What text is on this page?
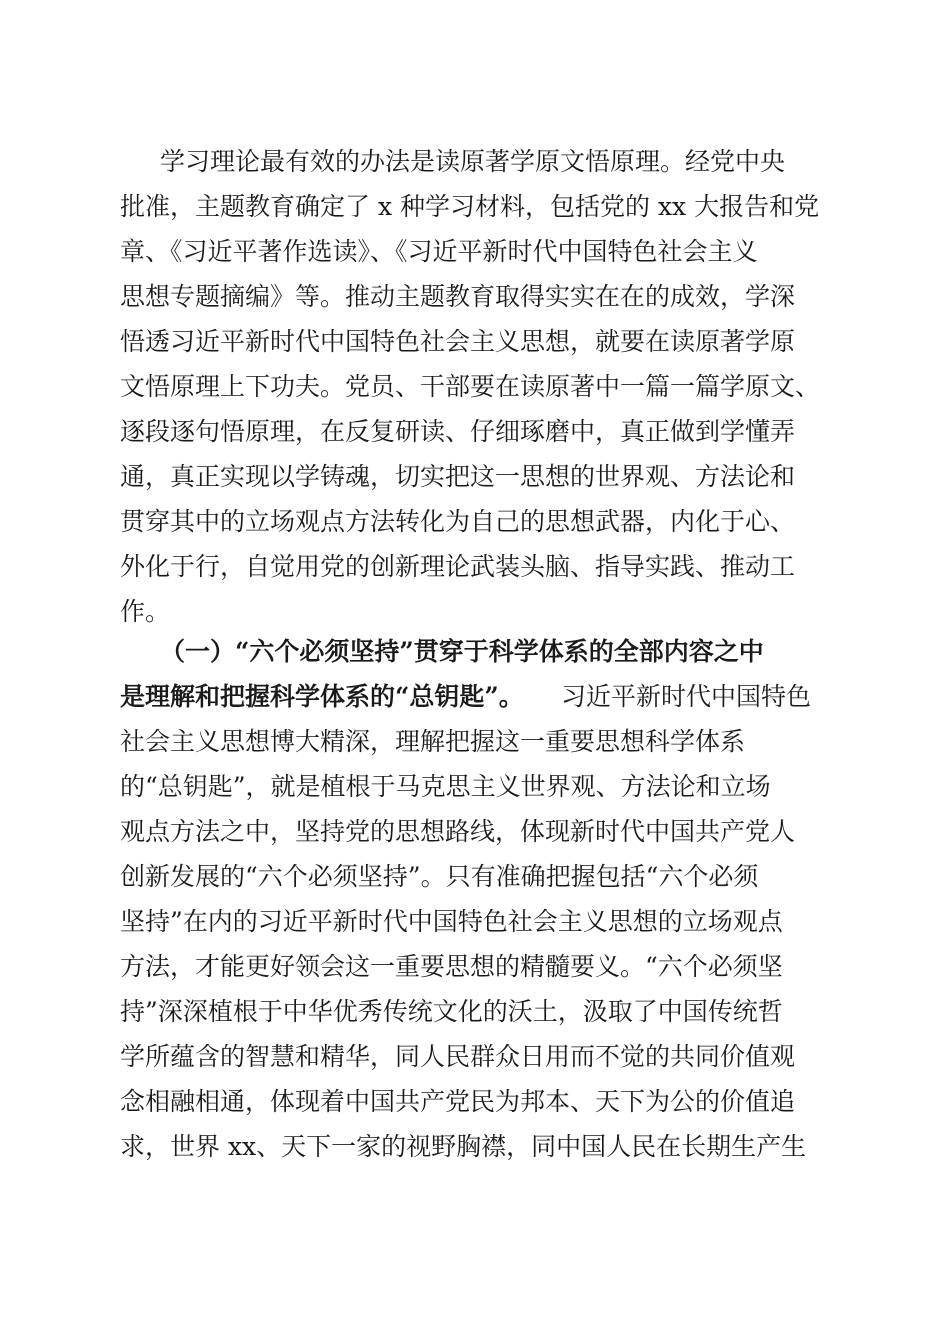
学习理论最有效的办法是读原著学原文悟原理。经党中央

批准，主题教育确定了 x 种学习材料，包括党的 xx 大报告和党

章、《习近平著作选读》、《习近平新时代中国特色社会主义

思想专题摘编》等。推动主题教育取得实实在在的成效，学深

悟透习近平新时代中国特色社会主义思想，就要在读原著学原

文悟原理上下功夫。党员、干部要在读原著中一篇一篇学原文、

逐段逐句悟原理，在反复研读、仔细琢磨中，真正做到学懂弄

通，真正实现以学铸魂，切实把这一思想的世界观、方法论和

贯穿其中的立场观点方法转化为自己的思想武器，内化于心、

外化于行，自觉用党的创新理论武装头脑、指导实践、推动工

作。

（一）“六个必须坚持”贯穿于科学体系的全部内容之中

是理解和把握科学体系的“总钥匙”。 习近平新时代中国特色

社会主义思想博大精深，理解把握这一重要思想科学体系

的“总钥匙”，就是植根于马克思主义世界观、方法论和立场

观点方法之中，坚持党的思想路线，体现新时代中国共产党人

创新发展的“六个必须坚持”。只有准确把握包括“六个必须

坚持”在内的习近平新时代中国特色社会主义思想的立场观点

方法，才能更好领会这一重要思想的精髓要义。“六个必须坚

持”深深植根于中华优秀传统文化的沃土，汲取了中国传统哲

学所蕴含的智慧和精华，同人民群众日用而不觉的共同价值观

念相融相通，体现着中国共产党民为邦本、天下为公的价值追

求，世界 xx、天下一家的视野胸襟，同中国人民在长期生产生
